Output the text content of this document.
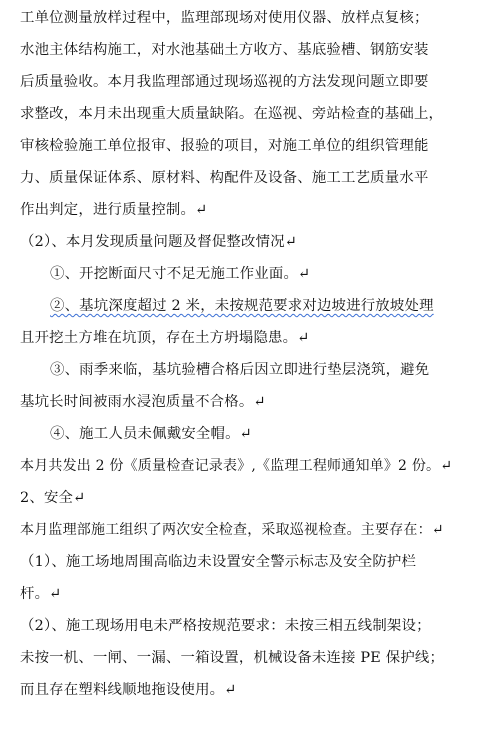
工单位测量放样过程中，监理部现场对使用仪器、放样点复核；
水池主体结构施工，对水池基础土方收方、基底验槽、钢筋安装
后质量验收。本月我监理部通过现场巡视的方法发现问题立即要
求整改，本月未出现重大质量缺陷。在巡视、旁站检查的基础上，
审核检验施工单位报审、报验的项目，对施工单位的组织管理能
力、质量保证体系、原材料、构配件及设备、施工工艺质量水平
作出判定，进行质量控制。↵
（2）、本月发现质量问题及督促整改情况↵
①、开挖断面尺寸不足无施工作业面。↵
②、基坑深度超过 2 米，未按规范要求对边坡进行放坡处理
且开挖土方堆在坑顶，存在土方坍塌隐患。↵
③、雨季来临，基坑验槽合格后因立即进行垫层浇筑，避免
基坑长时间被雨水浸泡质量不合格。↵
④、施工人员未佩戴安全帽。↵
本月共发出 2 份《质量检查记录表》,《监理工程师通知单》2 份。↵
2、安全↵
本月监理部施工组织了两次安全检查，采取巡视检查。主要存在：↵
（1）、施工场地周围高临边未设置安全警示标志及安全防护栏
杆。↵
（2）、施工现场用电未严格按规范要求：未按三相五线制架设；
未按一机、一闸、一漏、一箱设置，机械设备未连接 PE 保护线；
而且存在塑料线顺地拖设使用。↵
